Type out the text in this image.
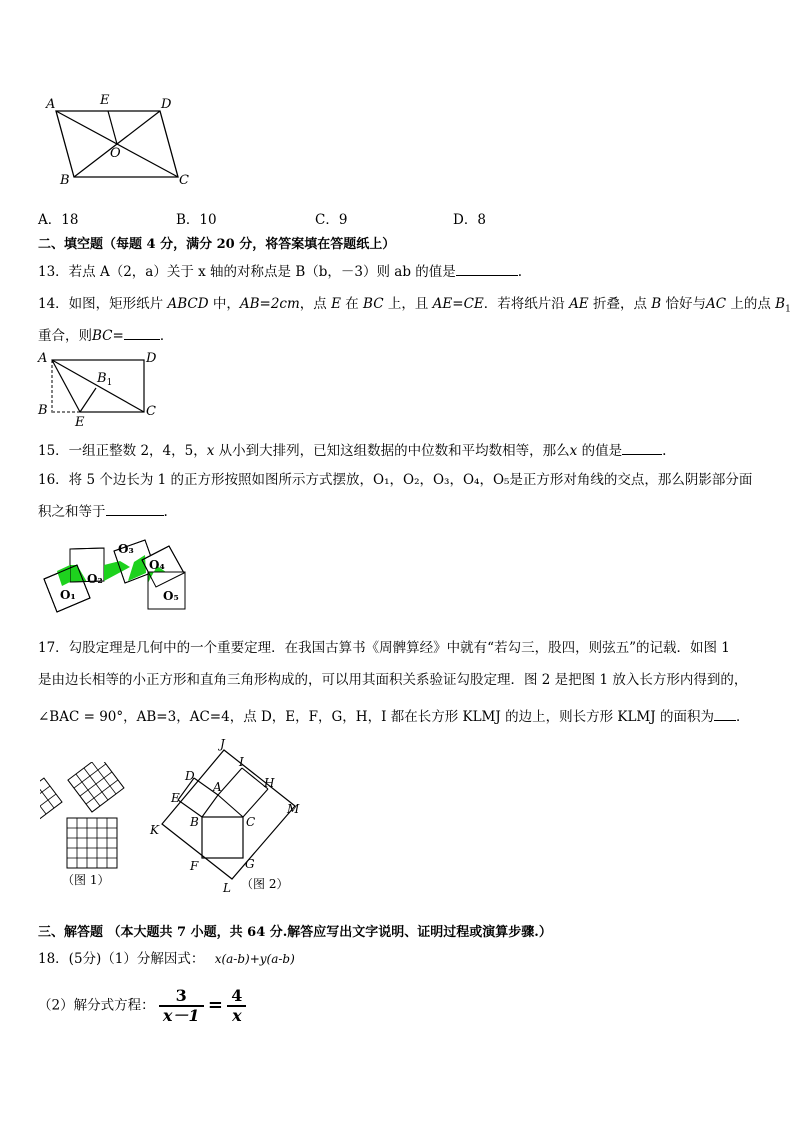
A	E	D
O
B	C
A．18	B．10	C．9	D．8
二、填空题（每题 4 分，满分 20 分，将答案填在答题纸上）
13．若点 A（2，a）关于 x 轴的对称点是 B（b，－3）则 ab 的值是	.
14．如图，矩形纸片 ABCD 中，AB=2cm，点 E 在 BC 上，且 AE=CE．若将纸片沿 AE 折叠，点 B 恰好与AC 上的点 $B_1$
重合，则BC=	．
A	D
$B_1$
B
E
C
15．一组正整数 2，4，5，x 从小到大排列，已知这组数据的中位数和平均数相等，那么x 的值是	.
16．将 5 个边长为 1 的正方形按照如图所示方式摆放，O₁，O₂，O₃，O₄，O₅是正方形对角线的交点，那么阴影部分面
积之和等于	.
O₁
O₂
O₃
O₄
O₅
17．勾股定理是几何中的一个重要定理．在我国古算书《周髀算经》中就有“若勾三，股四，则弦五”的记载．如图 1
是由边长相等的小正方形和直角三角形构成的，可以用其面积关系验证勾股定理．图 2 是把图 1 放入长方形内得到的，
∠BAC = 90°，AB=3，AC=4，点 D，E，F，G，H，I 都在长方形 KLMJ 的边上，则长方形 KLMJ 的面积为 ．
（图 1）
J
I
D	H
A
E
M
B	C
K
F	G
L （图 2）
三、解答题 （本大题共 7 小题，共 64 分.解答应写出文字说明、证明过程或演算步骤.）
18．(5分)（1）分解因式： x(a-b)+y(a-b)
（2）解分式方程： $\frac{3}{x-1} = \frac{4}{x}$
